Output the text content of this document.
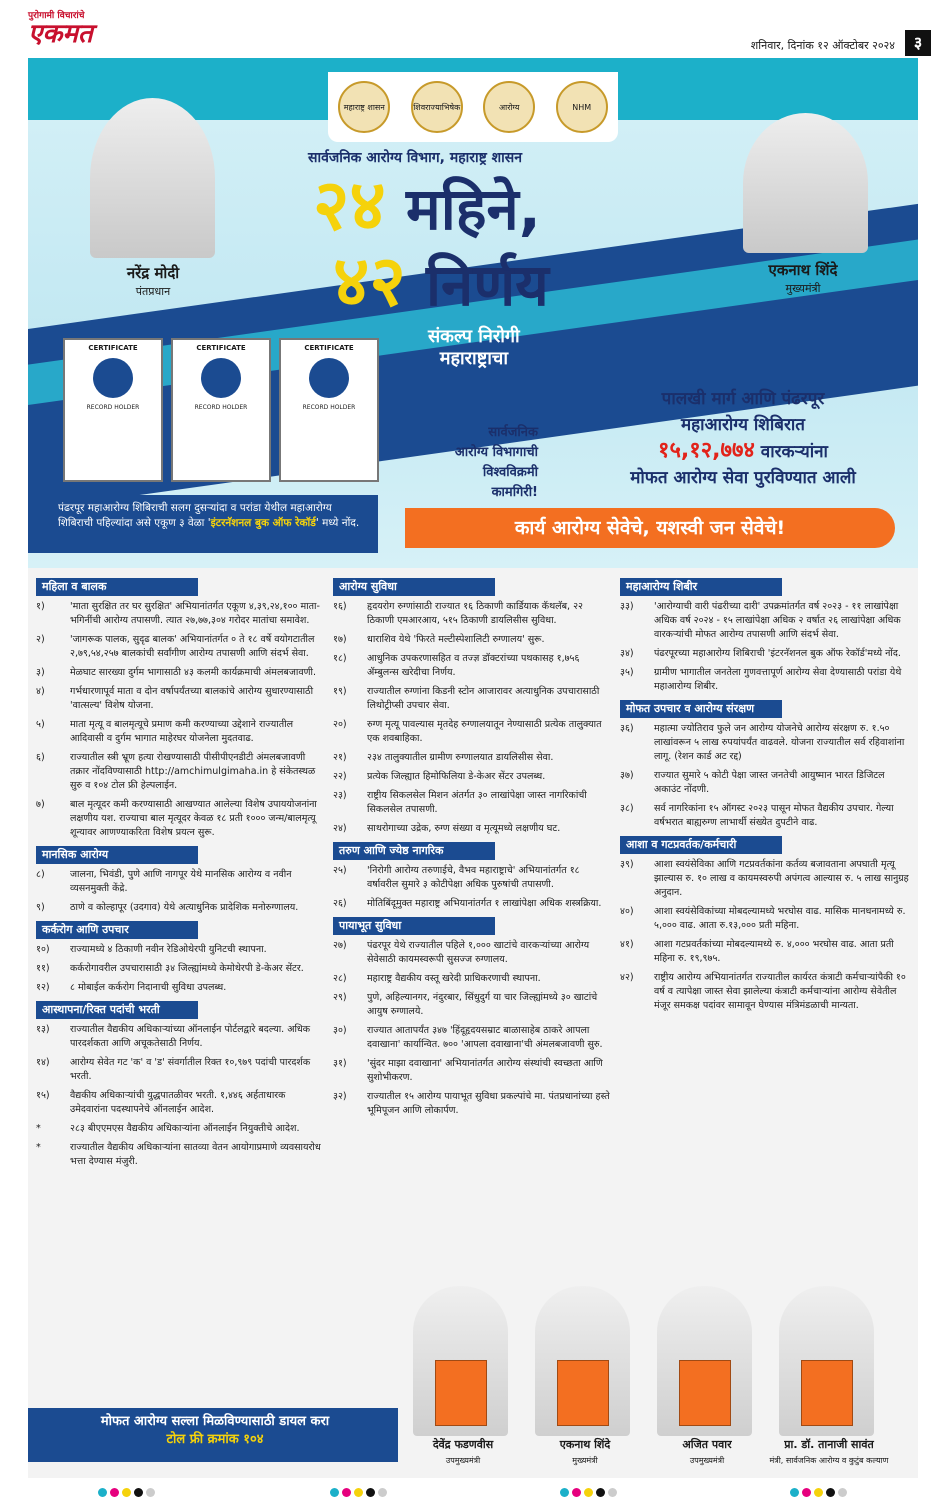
पुरोगामी विचारांचे
एकमत	शनिवार, दिनांक १२ ऑक्टोबर २०२४	३
महाराष्ट्र शासन	शिवराज्याभिषेक	आरोग्य	NHM
नरेंद्र मोदी
पंतप्रधान
एकनाथ शिंदे
मुख्यमंत्री
सार्वजनिक आरोग्य विभाग, महाराष्ट्र शासन
२४ महिने,
४२ निर्णय
संकल्प निरोगी
महाराष्ट्राचा
CERTIFICATE
RECORD HOLDER
CERTIFICATE
RECORD HOLDER
CERTIFICATE
RECORD HOLDER
सार्वजनिक
आरोग्य विभागाची
विश्वविक्रमी
कामगिरी!
पालखी मार्ग आणि पंढरपूर
महाआरोग्य शिबिरात
१५,१२,७७४ वारकऱ्यांना
मोफत आरोग्य सेवा पुरविण्यात आली
पंढरपूर महाआरोग्य शिबिराची सलग दुसऱ्यांदा व परांडा येथील महाआरोग्य शिबिराची पहिल्यांदा असे एकूण ३ वेळा 'इंटरनॅशनल बुक ऑफ रेकॉर्ड' मध्ये नोंद.	कार्य आरोग्य सेवेचे, यशस्वी जन सेवेचे!
महिला व बालक
१)	'माता सुरक्षित तर घर सुरक्षित' अभियानांतर्गत एकूण ४,३९,२४,१०० माता-भगिनींची आरोग्य तपासणी. त्यात २७,७७,३०४ गरोदर मातांचा समावेश.
२)	'जागरूक पालक, सुदृढ बालक' अभियानांतर्गत ० ते १८ वर्षे वयोगटातील २,७९,५४,२५७ बालकांची सर्वांगीण आरोग्य तपासणी आणि संदर्भ सेवा.
३)	मेळघाट सारख्या दुर्गम भागासाठी ४३ कलमी कार्यक्रमाची अंमलबजावणी.
४)	गर्भधारणापूर्व माता व दोन वर्षापर्यंतच्या बालकांचे आरोग्य सुधारण्यासाठी 'वात्सल्य' विशेष योजना.
५)	माता मृत्यू व बालमृत्यूचे प्रमाण कमी करण्याच्या उद्देशाने राज्यातील आदिवासी व दुर्गम भागात माहेरघर योजनेला मुदतवाढ.
६)	राज्यातील स्त्री भ्रूण हत्या रोखण्यासाठी पीसीपीएनडीटी अंमलबजावणी तक्रार नोंदविण्यासाठी http://amchimulgimaha.in हे संकेतस्थळ सुरु व १०४ टोल फ्री हेल्पलाईन.
७)	बाल मृत्यूदर कमी करण्यासाठी आखण्यात आलेल्या विशेष उपाययोजनांना लक्षणीय यश. राज्याचा बाल मृत्यूदर केवळ १८ प्रती १००० जन्म/बालमृत्यू शून्यावर आणण्याकरिता विशेष प्रयत्न सुरू.
मानसिक आरोग्य
८)	जालना, भिवंडी, पुणे आणि नागपूर येथे मानसिक आरोग्य व नवीन व्यसनमुक्ती केंद्रे.
९)	ठाणे व कोल्हापूर (उदगाव) येथे अत्याधुनिक प्रादेशिक मनोरुग्णालय.
कर्करोग आणि उपचार
१०)	राज्यामध्ये ४ ठिकाणी नवीन रेडिओथेरपी युनिटची स्थापना.
११)	कर्करोगावरील उपचारासाठी ३४ जिल्ह्यांमध्ये केमोथेरपी डे-केअर सेंटर.
१२)	८ मोबाईल कर्करोग निदानाची सुविधा उपलब्ध.
आस्थापना/रिक्त पदांची भरती
१३)	राज्यातील वैद्यकीय अधिकाऱ्यांच्या ऑनलाईन पोर्टलद्वारे बदल्या. अधिक पारदर्शकता आणि अचूकतेसाठी निर्णय.
१४)	आरोग्य सेवेत गट 'क' व 'ड' संवर्गातील रिक्त १०,९७९ पदांची पारदर्शक भरती.
१५)	वैद्यकीय अधिकाऱ्यांची युद्धपातळीवर भरती. १,४४६ अर्हताधारक उमेदवारांना पदस्थापनेचे ऑनलाईन आदेश.
*	२८३ बीएएमएस वैद्यकीय अधिकाऱ्यांना ऑनलाईन नियुक्तीचे आदेश.
*	राज्यातील वैद्यकीय अधिकाऱ्यांना सातव्या वेतन आयोगाप्रमाणे व्यवसायरोध भत्ता देण्यास मंजुरी.
आरोग्य सुविधा
१६)	हृदयरोग रुग्णांसाठी राज्यात १६ ठिकाणी कार्डियाक कॅथलॅब, २२ ठिकाणी एमआरआय, ५१५ ठिकाणी डायलिसीस सुविधा.
१७)	धाराशिव येथे 'फिरते मल्टीस्पेशालिटी रुग्णालय' सुरू.
१८)	आधुनिक उपकरणासहित व तज्ज्ञ डॉक्टरांच्या पथकासह १,७५६ ॲम्बुलन्स खरेदीचा निर्णय.
१९)	राज्यातील रुग्णांना किडनी स्टोन आजारावर अत्याधुनिक उपचारासाठी लिथोट्रीप्सी उपचार सेवा.
२०)	रुग्ण मृत्यू पावल्यास मृतदेह रुग्णालयातून नेण्यासाठी प्रत्येक तालुक्यात एक शवबाहिका.
२१)	२३४ तालुक्यातील ग्रामीण रुग्णालयात डायलिसीस सेवा.
२२)	प्रत्येक जिल्ह्यात हिमोफिलिया डे-केअर सेंटर उपलब्ध.
२३)	राष्ट्रीय सिकलसेल मिशन अंतर्गत ३० लाखांपेक्षा जास्त नागरिकांची सिकलसेल तपासणी.
२४)	साथरोगाच्या उद्रेक, रुग्ण संख्या व मृत्यूमध्ये लक्षणीय घट.
तरुण आणि ज्येष्ठ नागरिक
२५)	'निरोगी आरोग्य तरुणाईचे, वैभव महाराष्ट्राचे' अभियानांतर्गत १८ वर्षावरील सुमारे ३ कोटीपेक्षा अधिक पुरुषांची तपासणी.
२६)	मोतिबिंदूमुक्त महाराष्ट्र अभियानांतर्गत १ लाखांपेक्षा अधिक शस्त्रक्रिया.
पायाभूत सुविधा
२७)	पंढरपूर येथे राज्यातील पहिले १,००० खाटांचे वारकऱ्यांच्या आरोग्य सेवेसाठी कायमस्वरूपी सुसज्ज रुग्णालय.
२८)	महाराष्ट्र वैद्यकीय वस्तू खरेदी प्राधिकरणाची स्थापना.
२९)	पुणे, अहिल्यानगर, नंदुरबार, सिंधुदुर्ग या चार जिल्ह्यांमध्ये ३० खाटांचे आयुष रुग्णालये.
३०)	राज्यात आतापर्यंत ३४७ 'हिंदूहृदयसम्राट बाळासाहेब ठाकरे आपला दवाखाना' कार्यान्वित. ७०० 'आपला दवाखाना'ची अंमलबजावणी सुरु.
३१)	'सुंदर माझा दवाखाना' अभियानांतर्गत आरोग्य संस्थांची स्वच्छता आणि सुशोभीकरण.
३२)	राज्यातील १५ आरोग्य पायाभूत सुविधा प्रकल्पांचे मा. पंतप्रधानांच्या हस्ते भूमिपूजन आणि लोकार्पण.
महाआरोग्य शिबीर
३३)	'आरोग्याची वारी पंढरीच्या दारी' उपक्रमांतर्गत वर्ष २०२३ - ११ लाखांपेक्षा अधिक वर्ष २०२४ - १५ लाखांपेक्षा अधिक २ वर्षात २६ लाखांपेक्षा अधिक वारकऱ्यांची मोफत आरोग्य तपासणी आणि संदर्भ सेवा.
३४)	पंढरपूरच्या महाआरोग्य शिबिराची 'इंटरनॅशनल बुक ऑफ रेकॉर्ड'मध्ये नोंद.
३५)	ग्रामीण भागातील जनतेला गुणवत्तापूर्ण आरोग्य सेवा देण्यासाठी परांडा येथे महाआरोग्य शिबीर.
मोफत उपचार व आरोग्य संरक्षण
३६)	महात्मा ज्योतिराव फुले जन आरोग्य योजनेचे आरोग्य संरक्षण रु. १.५० लाखांवरून ५ लाख रुपयांपर्यंत वाढवले. योजना राज्यातील सर्व रहिवाशांना लागू. (रेशन कार्ड अट रद्द)
३७)	राज्यात सुमारे ५ कोटी पेक्षा जास्त जनतेची आयुष्मान भारत डिजिटल अकाउंट नोंदणी.
३८)	सर्व नागरिकांना १५ ऑगस्ट २०२३ पासून मोफत वैद्यकीय उपचार. गेल्या वर्षभरात बाह्यरुग्ण लाभार्थी संख्येत दुपटीने वाढ.
आशा व गटप्रवर्तक/कर्मचारी
३९)	आशा स्वयंसेविका आणि गटप्रवर्तकांना कर्तव्य बजावताना अपघाती मृत्यू झाल्यास रु. १० लाख व कायमस्वरुपी अपंगत्व आल्यास रु. ५ लाख सानुग्रह अनुदान.
४०)	आशा स्वयंसेविकांच्या मोबदल्यामध्ये भरघोस वाढ. मासिक मानधनामध्ये रु. ५,००० वाढ. आता रु.१३,००० प्रती महिना.
४१)	आशा गटप्रवर्तकांच्या मोबदल्यामध्ये रु. ४,००० भरघोस वाढ. आता प्रती महिना रु. १९,९७५.
४२)	राष्ट्रीय आरोग्य अभियानांतर्गत राज्यातील कार्यरत कंत्राटी कर्मचाऱ्यांपैकी १० वर्ष व त्यापेक्षा जास्त सेवा झालेल्या कंत्राटी कर्मचाऱ्यांना आरोग्य सेवेतील मंजूर समकक्ष पदांवर सामावून घेण्यास मंत्रिमंडळाची मान्यता.
मोफत आरोग्य सल्ला मिळविण्यासाठी डायल करा
टोल फ्री क्रमांक १०४	देवेंद्र फडणवीस
उपमुख्यमंत्री
एकनाथ शिंदे
मुख्यमंत्री
अजित पवार
उपमुख्यमंत्री
प्रा. डॉ. तानाजी सावंत
मंत्री, सार्वजनिक आरोग्य व कुटुंब कल्याण
